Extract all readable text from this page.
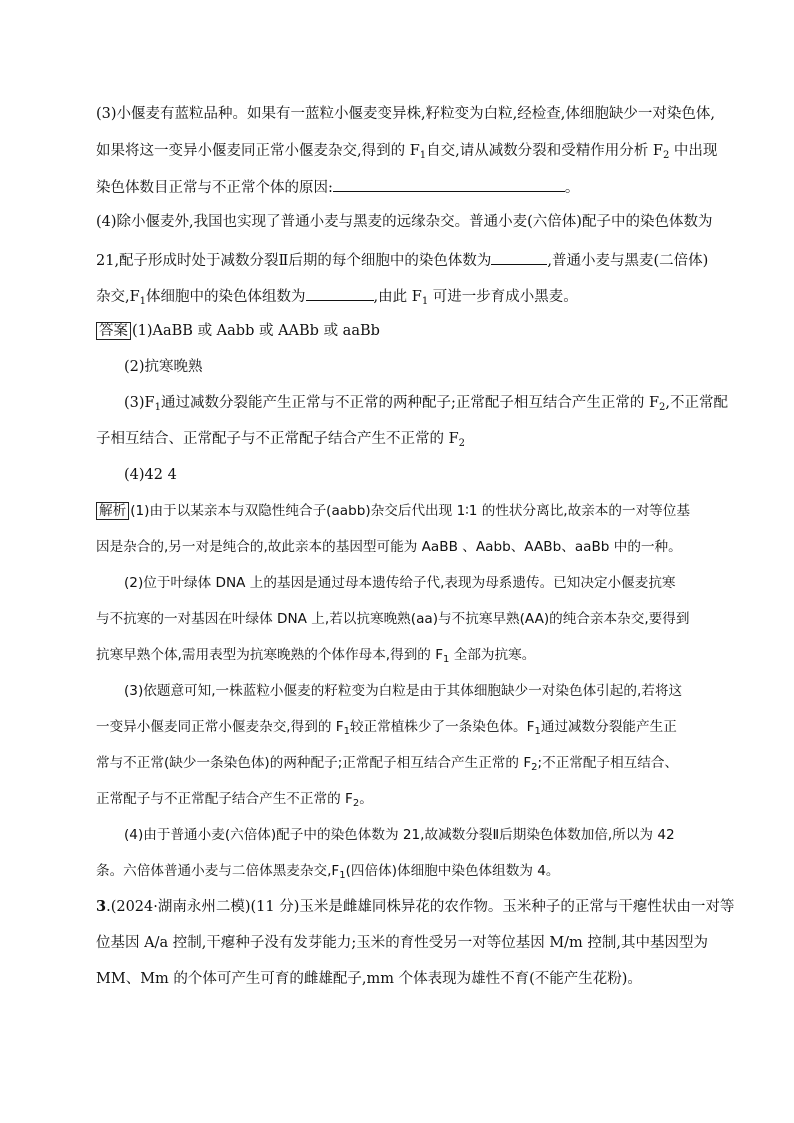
(3)小偃麦有蓝粒品种。如果有一蓝粒小偃麦变异株,籽粒变为白粒,经检查,体细胞缺少一对染色体,
如果将这一变异小偃麦同正常小偃麦杂交,得到的 $F_1$自交,请从减数分裂和受精作用分析 $F_2$ 中出现
染色体数目正常与不正常个体的原因:	。
(4)除小偃麦外,我国也实现了普通小麦与黑麦的远缘杂交。普通小麦(六倍体)配子中的染色体数为
21,配子形成时处于减数分裂Ⅱ后期的每个细胞中的染色体数为	,普通小麦与黑麦(二倍体)
杂交$,F_1$体细胞中的染色体组数为	,由此 $F_1$ 可进一步育成小黑麦。
答案 (1)AaBB 或 Aabb 或 AABb 或 aaBb
(2)抗寒晚熟
$(3)F_1$通过减数分裂能产生正常与不正常的两种配子;正常配子相互结合产生正常的 $F_2$,不正常配
子相互结合、正常配子与不正常配子结合产生不正常的 $F_2$
(4)42 4
解析 (1)由于以某亲本与双隐性纯合子(aabb)杂交后代出现 1∶1 的性状分离比,故亲本的一对等位基
因是杂合的,另一对是纯合的,故此亲本的基因型可能为 AaBB 、Aabb、AABb、aaBb 中的一种。
(2)位于叶绿体 DNA 上的基因是通过母本遗传给子代,表现为母系遗传。已知决定小偃麦抗寒
与不抗寒的一对基因在叶绿体 DNA 上,若以抗寒晚熟(aa)与不抗寒早熟(AA)的纯合亲本杂交,要得到
抗寒早熟个体,需用表型为抗寒晚熟的个体作母本,得到的 $F_1$ 全部为抗寒。
(3)依题意可知,一株蓝粒小偃麦的籽粒变为白粒是由于其体细胞缺少一对染色体引起的,若将这
一变异小偃麦同正常小偃麦杂交,得到的 $F_1$较正常植株少了一条染色体。$F_1$通过减数分裂能产生正
常与不正常(缺少一条染色体)的两种配子;正常配子相互结合产生正常的 $F_2$;不正常配子相互结合、
正常配子与不正常配子结合产生不正常的 $F_2$。
(4)由于普通小麦(六倍体)配子中的染色体数为 21,故减数分裂Ⅱ后期染色体数加倍,所以为 42
条。六倍体普通小麦与二倍体黑麦杂交$,F_1$(四倍体)体细胞中染色体组数为 4。
3.(2024·湖南永州二模)(11 分)玉米是雌雄同株异花的农作物。玉米种子的正常与干瘪性状由一对等
位基因 A/a 控制,干瘪种子没有发芽能力;玉米的育性受另一对等位基因 M/m 控制,其中基因型为
MM、Mm 的个体可产生可育的雌雄配子,mm 个体表现为雄性不育(不能产生花粉)。
